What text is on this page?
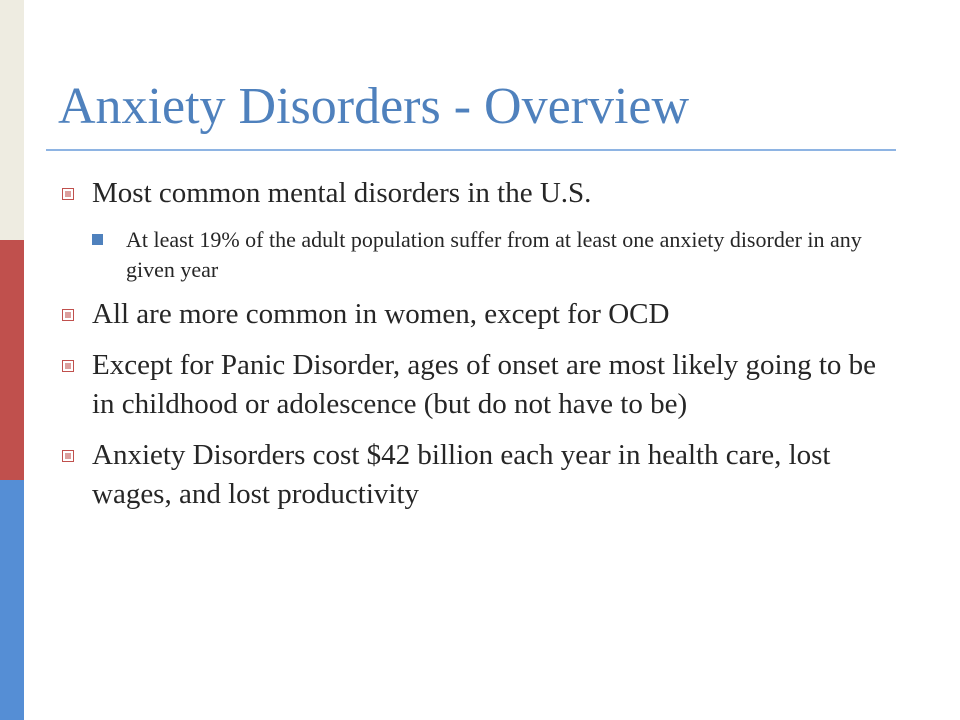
Anxiety Disorders - Overview
Most common mental disorders in the U.S.
At least 19% of the adult population suffer from at least one anxiety disorder in any given year
All are more common in women, except for OCD
Except for Panic Disorder, ages of onset are most likely going to be in childhood or adolescence (but do not have to be)
Anxiety Disorders cost $42 billion each year in health care, lost wages, and lost productivity
